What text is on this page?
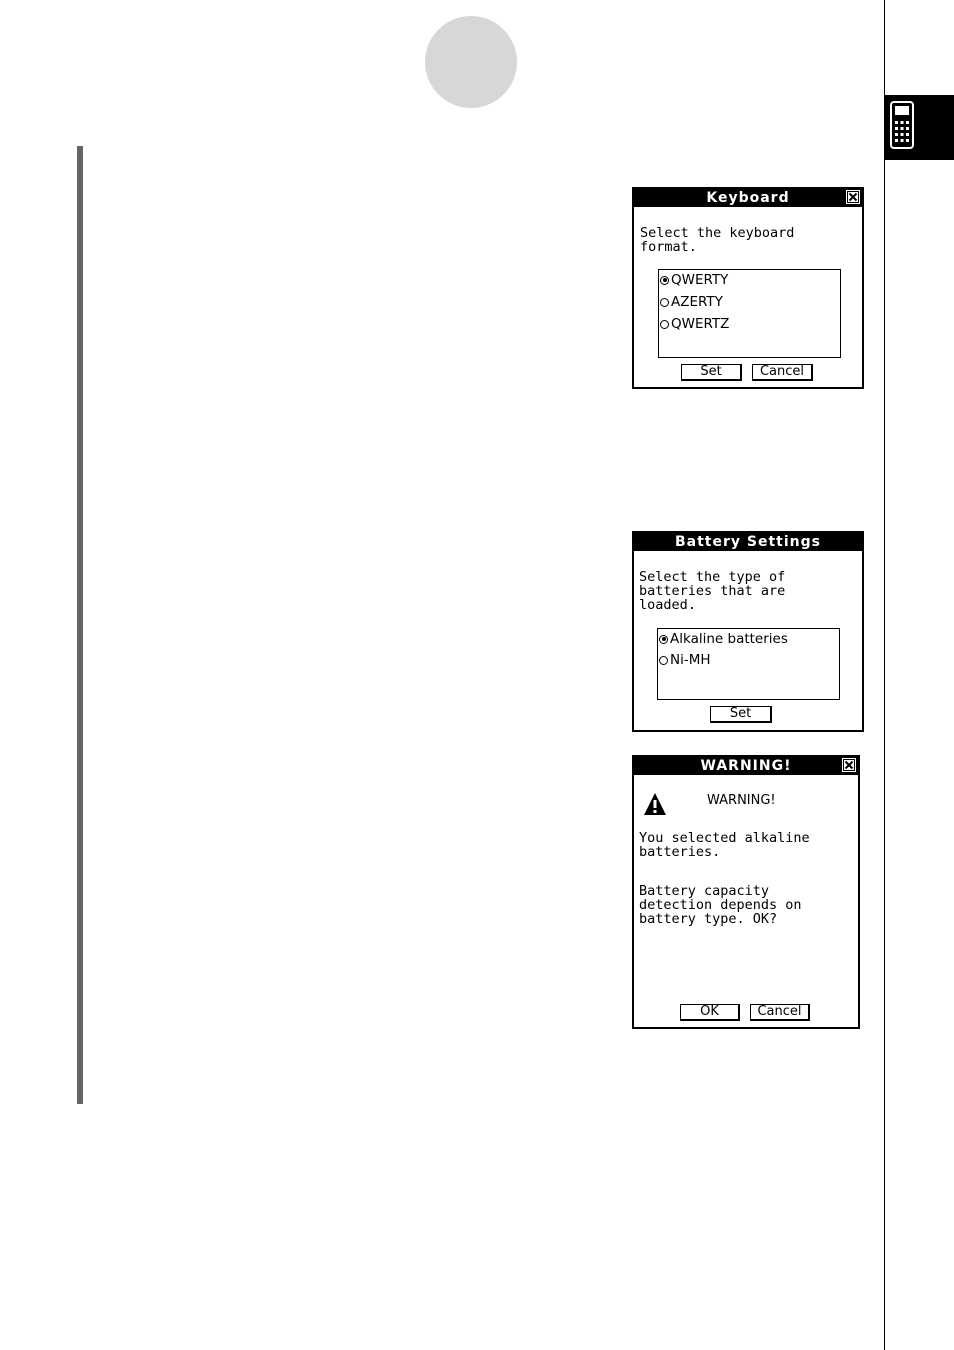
Keyboard
Select the keyboard
format.
QWERTY
AZERTY
QWERTZ
Set	Cancel
Battery Settings
Select the type of
batteries that are
loaded.
Alkaline batteries
Ni-MH
Set
WARNING!
WARNING!
You selected alkaline
batteries.
Battery capacity
detection depends on
battery type. OK?
OK	Cancel
